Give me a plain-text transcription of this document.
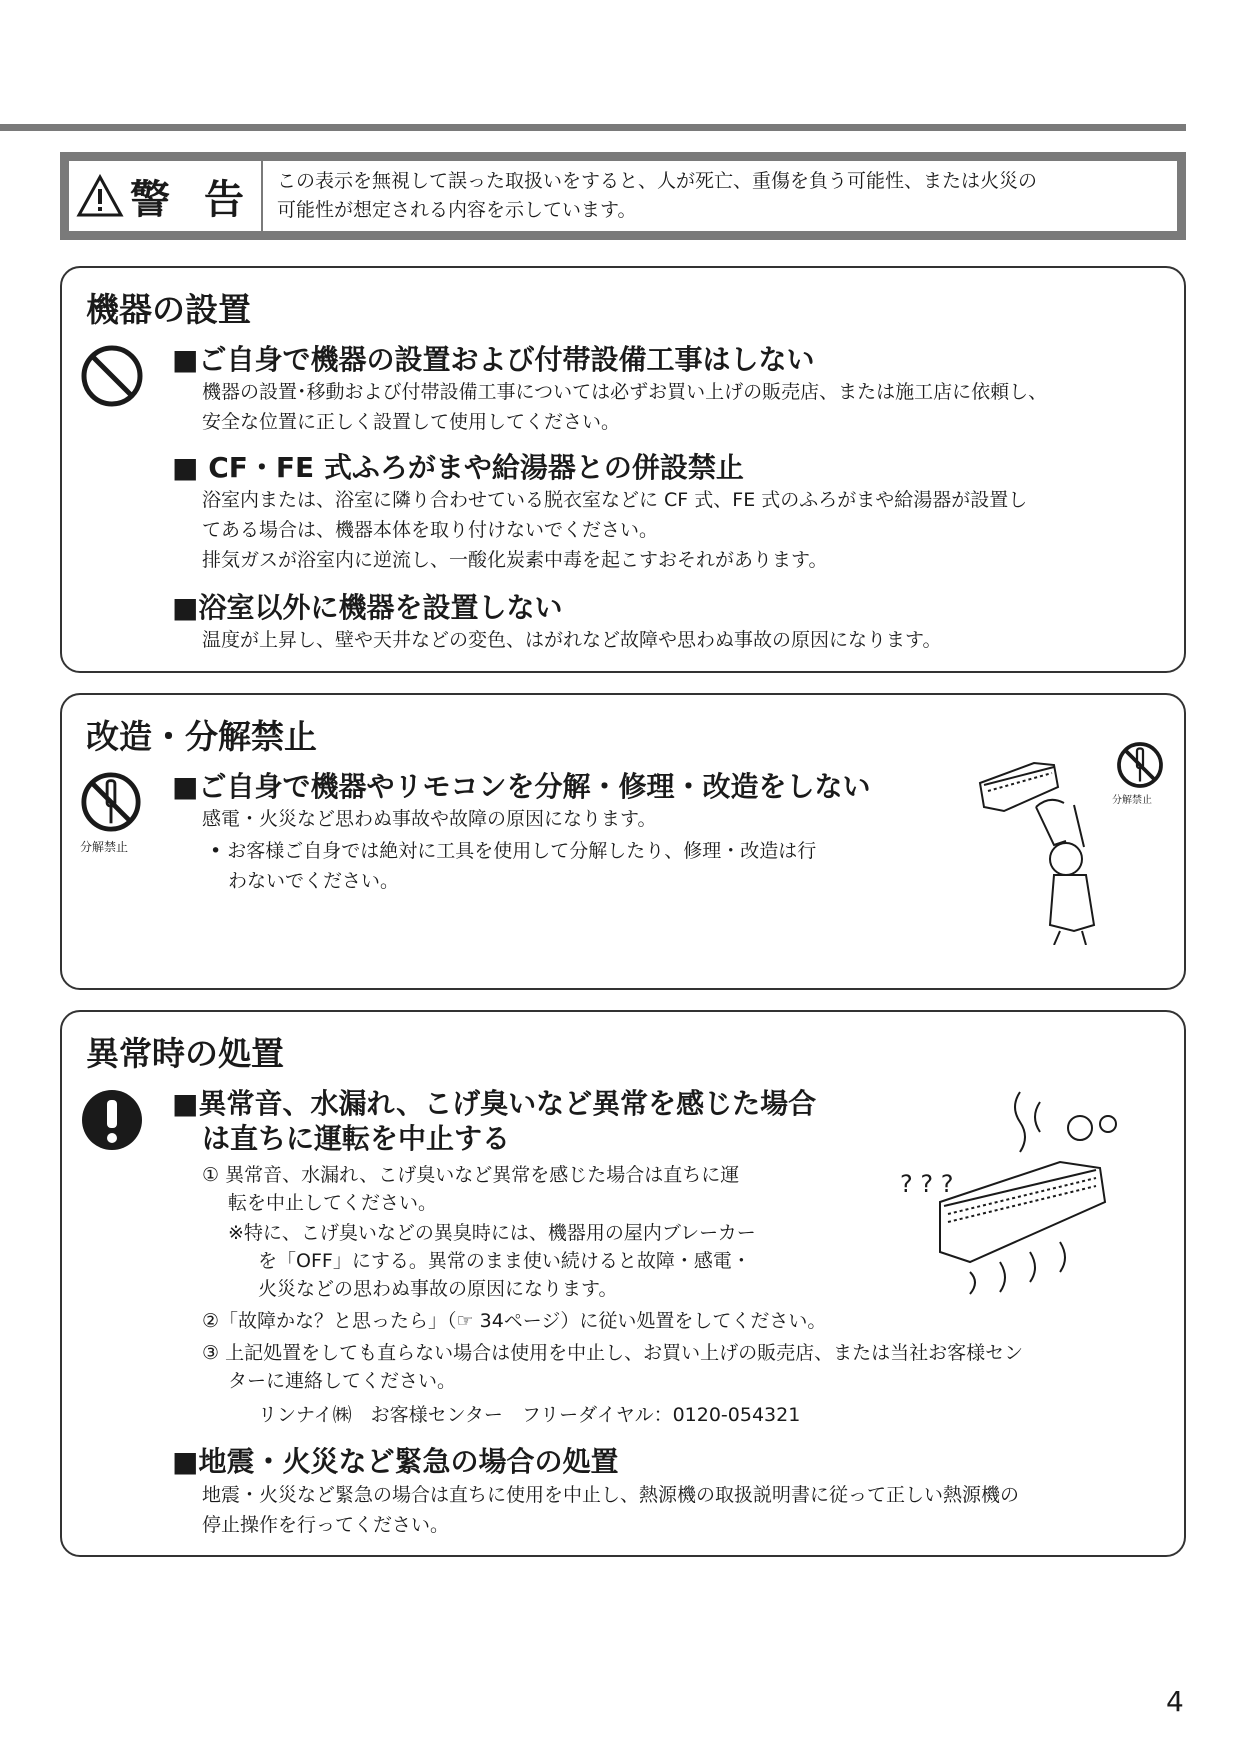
警 告 この表示を無視して誤った取扱いをすると、人が死亡、重傷を負う可能性、または火災の
可能性が想定される内容を示しています。
機器の設置
■ご自身で機器の設置および付帯設備工事はしない
機器の設置･移動および付帯設備工事については必ずお買い上げの販売店、または施工店に依頼し、
安全な位置に正しく設置して使用してください。
■ CF・FE 式ふろがまや給湯器との併設禁止
浴室内または、浴室に隣り合わせている脱衣室などに CF 式、FE 式のふろがまや給湯器が設置し
てある場合は、機器本体を取り付けないでください。
排気ガスが浴室内に逆流し、一酸化炭素中毒を起こすおそれがあります。
■浴室以外に機器を設置しない
温度が上昇し、壁や天井などの変色、はがれなど故障や思わぬ事故の原因になります。
改造・分解禁止
分解禁止
■ご自身で機器やリモコンを分解・修理・改造をしない
感電・火災など思わぬ事故や故障の原因になります。
• お客様ご自身では絶対に工具を使用して分解したり、修理・改造は行
わないでください。
分解禁止
異常時の処置
■異常音、水漏れ、こげ臭いなど異常を感じた場合
は直ちに運転を中止する
① 異常音、水漏れ、こげ臭いなど異常を感じた場合は直ちに運
転を中止してください。
※特に、こげ臭いなどの異臭時には、機器用の屋内ブレーカー
を「OFF」にする。異常のまま使い続けると故障・感電・
火災などの思わぬ事故の原因になります。
②「故障かな？と思ったら」（☞ 34ページ）に従い処置をしてください。
③ 上記処置をしても直らない場合は使用を中止し、お買い上げの販売店、または当社お客様セン
ターに連絡してください。
リンナイ㈱　お客様センター　フリーダイヤル：0120-054321
■地震・火災など緊急の場合の処置
地震・火災など緊急の場合は直ちに使用を中止し、熱源機の取扱説明書に従って正しい熱源機の
停止操作を行ってください。
? ? ?
4
